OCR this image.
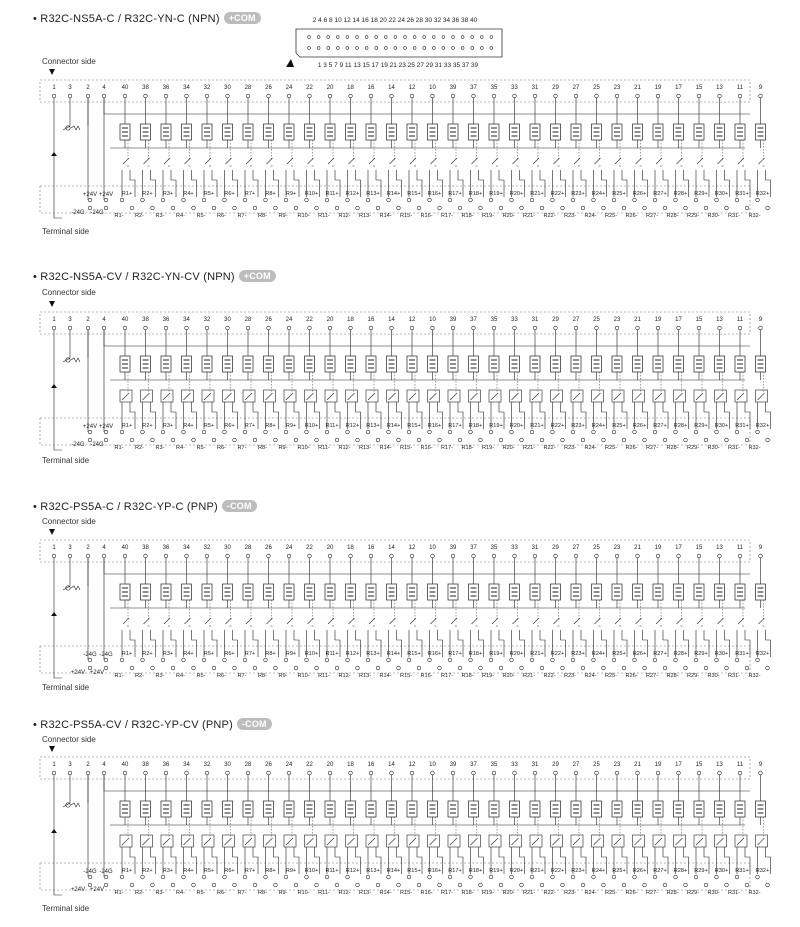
2 4 6 8 10 12 14 16 18 20 22 24 26 28 30 32 34 36 38 40
1 3 5 7 9 11 13 15 17 19 21 23 25 27 29 31 33 35 37 39
• R32C-NS5A-C / R32C-YN-C (NPN) +COM
Connector side
Terminal side
1 3 2 4
+24V +24V
-24G -24G
40
R1+
R1-
38
R2+
R2-
36
R3+
R3-
34
R4+
R4-
32
R5+
R5-
30
R6+
R6-
28
R7+
R7-
26
R8+
R8-
24
R9+
R9-
22
R10+
R10-
20
R11+
R11-
18
R12+
R12-
16
R13+
R13-
14
R14+
R14-
12
R15+
R15-
10
R16+
R16-
39
R17+
R17-
37
R18+
R18-
35
R19+
R19-
33
R20+
R20-
31
R21+
R21-
29
R22+
R22-
27
R23+
R23-
25
R24+
R24-
23
R25+
R25-
21
R26+
R26-
19
R27+
R27-
17
R28+
R28-
15
R29+
R29-
13
R30+
R30-
11
R31+
R31-
9
R32+
R32-
• R32C-NS5A-CV / R32C-YN-CV (NPN) +COM
Connector side
Terminal side
1 3 2 4
+24V +24V
-24G -24G
40
R1+
R1-
38
R2+
R2-
36
R3+
R3-
34
R4+
R4-
32
R5+
R5-
30
R6+
R6-
28
R7+
R7-
26
R8+
R8-
24
R9+
R9-
22
R10+
R10-
20
R11+
R11-
18
R12+
R12-
16
R13+
R13-
14
R14+
R14-
12
R15+
R15-
10
R16+
R16-
39
R17+
R17-
37
R18+
R18-
35
R19+
R19-
33
R20+
R20-
31
R21+
R21-
29
R22+
R22-
27
R23+
R23-
25
R24+
R24-
23
R25+
R25-
21
R26+
R26-
19
R27+
R27-
17
R28+
R28-
15
R29+
R29-
13
R30+
R30-
11
R31+
R31-
9
R32+
R32-
• R32C-PS5A-C / R32C-YP-C (PNP) -COM
Connector side
Terminal side
1 3 2 4
-24G -24G
+24V +24V
40
R1+
R1-
38
R2+
R2-
36
R3+
R3-
34
R4+
R4-
32
R5+
R5-
30
R6+
R6-
28
R7+
R7-
26
R8+
R8-
24
R9+
R9-
22
R10+
R10-
20
R11+
R11-
18
R12+
R12-
16
R13+
R13-
14
R14+
R14-
12
R15+
R15-
10
R16+
R16-
39
R17+
R17-
37
R18+
R18-
35
R19+
R19-
33
R20+
R20-
31
R21+
R21-
29
R22+
R22-
27
R23+
R23-
25
R24+
R24-
23
R25+
R25-
21
R26+
R26-
19
R27+
R27-
17
R28+
R28-
15
R29+
R29-
13
R30+
R30-
11
R31+
R31-
9
R32+
R32-
• R32C-PS5A-CV / R32C-YP-CV (PNP) -COM
Connector side
Terminal side
1 3 2 4
-24G -24G
+24V +24V
40
R1+
R1-
38
R2+
R2-
36
R3+
R3-
34
R4+
R4-
32
R5+
R5-
30
R6+
R6-
28
R7+
R7-
26
R8+
R8-
24
R9+
R9-
22
R10+
R10-
20
R11+
R11-
18
R12+
R12-
16
R13+
R13-
14
R14+
R14-
12
R15+
R15-
10
R16+
R16-
39
R17+
R17-
37
R18+
R18-
35
R19+
R19-
33
R20+
R20-
31
R21+
R21-
29
R22+
R22-
27
R23+
R23-
25
R24+
R24-
23
R25+
R25-
21
R26+
R26-
19
R27+
R27-
17
R28+
R28-
15
R29+
R29-
13
R30+
R30-
11
R31+
R31-
9
R32+
R32-
